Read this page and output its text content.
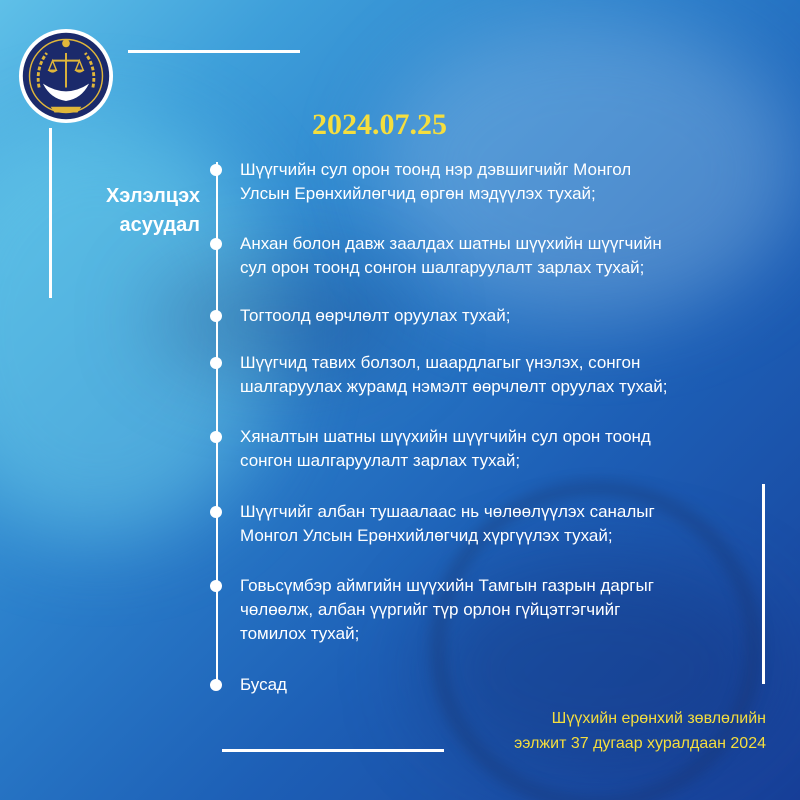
2024.07.25
Хэлэлцэх
асуудал
Шүүгчийн сул орон тоонд нэр дэвшигчийг Монгол
Улсын Ерөнхийлөгчид өргөн мэдүүлэх тухай;
Анхан болон давж заалдах шатны шүүхийн шүүгчийн
сул орон тоонд сонгон шалгаруулалт зарлах тухай;
Тогтоолд өөрчлөлт оруулах тухай;
Шүүгчид тавих болзол, шаардлагыг үнэлэх, сонгон
шалгаруулах журамд нэмэлт өөрчлөлт оруулах тухай;
Хяналтын шатны шүүхийн шүүгчийн сул орон тоонд
сонгон шалгаруулалт зарлах тухай;
Шүүгчийг албан тушаалаас нь чөлөөлүүлэх саналыг
Монгол Улсын Ерөнхийлөгчид хүргүүлэх тухай;
Говьсүмбэр аймгийн шүүхийн Тамгын газрын даргыг
чөлөөлж, албан үүргийг түр орлон гүйцэтгэгчийг
томилох тухай;
Бусад
Шүүхийн ерөнхий зөвлөлийн
ээлжит 37 дугаар хуралдаан 2024
